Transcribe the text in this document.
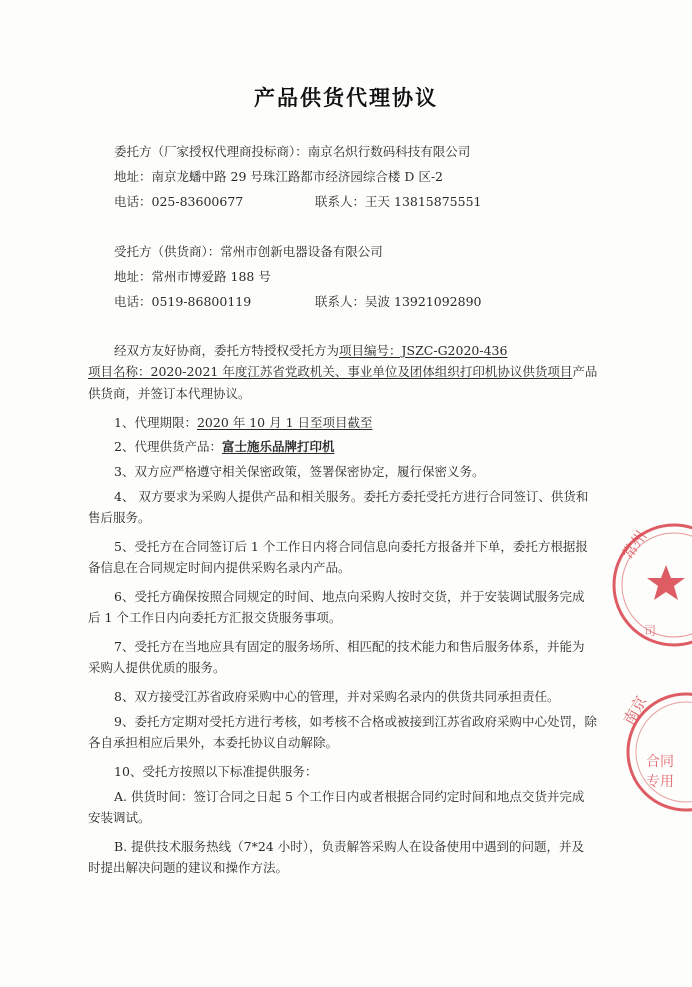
产品供货代理协议
委托方（厂家授权代理商投标商）：南京名炽行数码科技有限公司
地址：南京龙蟠中路 29 号珠江路都市经济园综合楼 D 区-2
电话：025-83600677	联系人：王天 13815875551
受托方（供货商）：常州市创新电器设备有限公司
地址：常州市博爱路 188 号
电话：0519-86800119	联系人：吴波 13921092890
经双方友好协商，委托方特授权受托方为项目编号：JSZC-G2020-436
项目名称：2020-2021 年度江苏省党政机关、事业单位及团体组织打印机协议供货项目产品
供货商，并签订本代理协议。
1、代理期限：2020 年 10 月 1 日至项目截至
2、代理供货产品：富士施乐品牌打印机
3、双方应严格遵守相关保密政策，签署保密协定，履行保密义务。
4、 双方要求为采购人提供产品和相关服务。委托方委托受托方进行合同签订、供货和
售后服务。
5、受托方在合同签订后 1 个工作日内将合同信息向委托方报备并下单，委托方根据报
备信息在合同规定时间内提供采购名录内产品。
6、受托方确保按照合同规定的时间、地点向采购人按时交货，并于安装调试服务完成
后 1 个工作日内向委托方汇报交货服务事项。
7、受托方在当地应具有固定的服务场所、相匹配的技术能力和售后服务体系，并能为
采购人提供优质的服务。
8、双方接受江苏省政府采购中心的管理，并对采购名录内的供货共同承担责任。
9、委托方定期对受托方进行考核，如考核不合格或被接到江苏省政府采购中心处罚，除
各自承担相应后果外，本委托协议自动解除。
10、受托方按照以下标准提供服务：
A. 供货时间：签订合同之日起 5 个工作日内或者根据合同约定时间和地点交货并完成
安装调试。
B. 提供技术服务热线（7*24 小时），负责解答采购人在设备使用中遇到的问题，并及
时提出解决问题的建议和操作方法。
常州
司
南京
合同
专用
